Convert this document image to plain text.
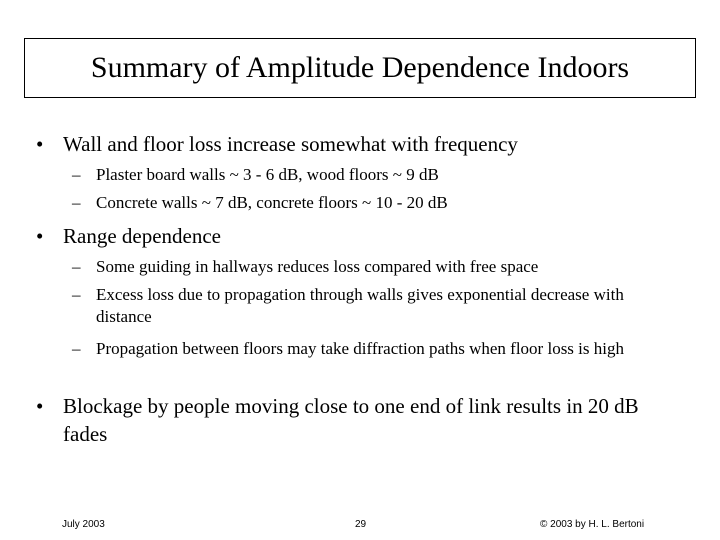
Summary of Amplitude Dependence Indoors
• Wall and floor loss increase somewhat with frequency
– Plaster board walls ~ 3 - 6 dB, wood floors ~ 9 dB
– Concrete walls ~ 7 dB, concrete floors ~ 10 - 20 dB
• Range dependence
– Some guiding in hallways reduces loss compared with free space
– Excess loss due to propagation through walls gives exponential decrease with distance
– Propagation between floors may take diffraction paths when floor loss is high
• Blockage by people moving close to one end of link results in 20 dB fades
July 2003	29	© 2003 by H. L. Bertoni
